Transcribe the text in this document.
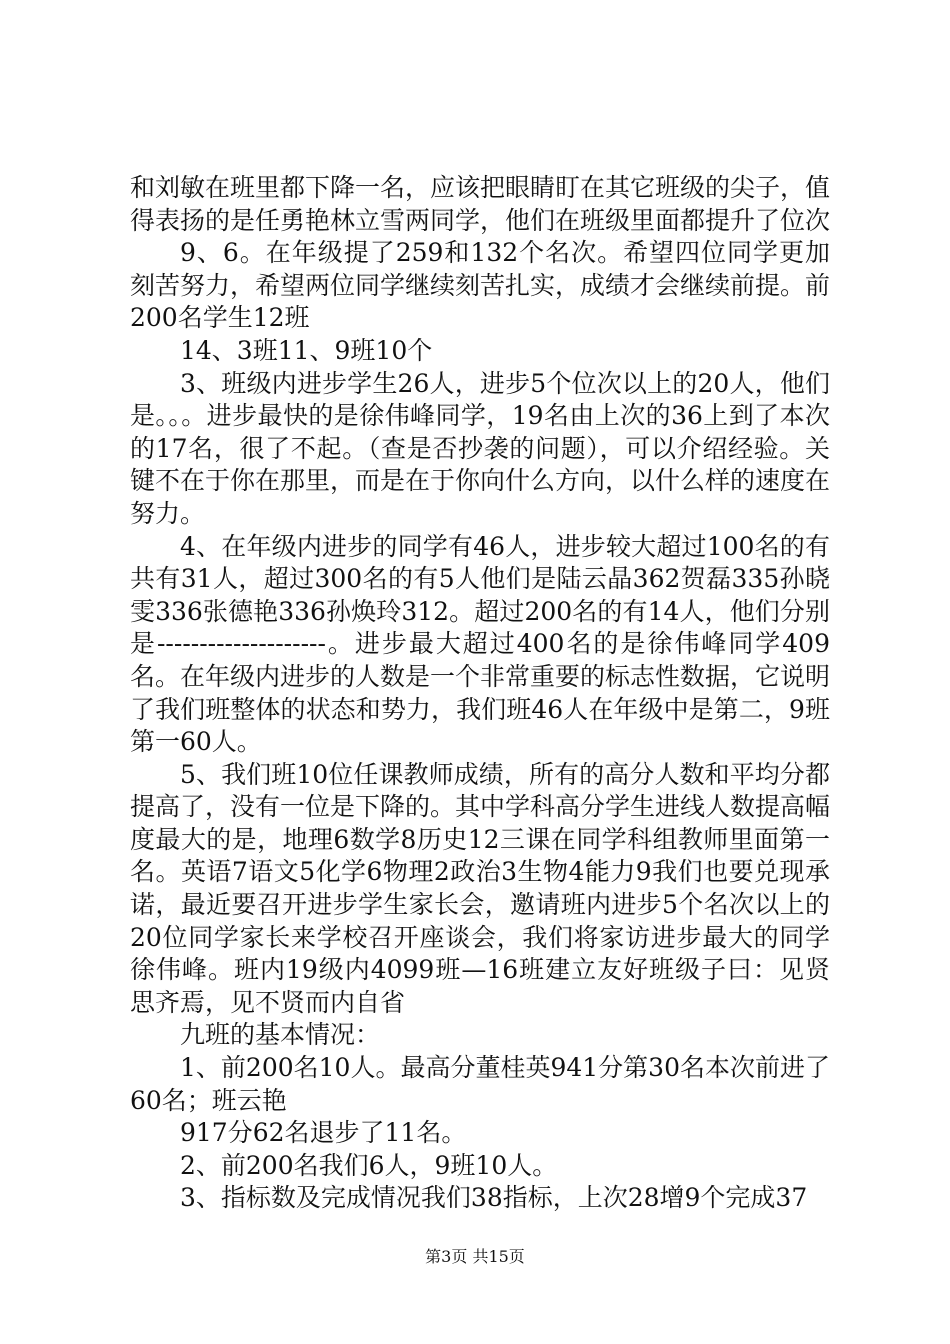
和刘敏在班里都下降一名，应该把眼睛盯在其它班级的尖子，值得表扬的是任勇艳林立雪两同学，他们在班级里面都提升了位次

9、6。在年级提了259和132个名次。希望四位同学更加刻苦努力，希望两位同学继续刻苦扎实，成绩才会继续前提。前200名学生12班

14、3班11、9班10个

3、班级内进步学生26人，进步5个位次以上的20人，他们是。。。进步最快的是徐伟峰同学，19名由上次的36上到了本次的17名，很了不起。（查是否抄袭的问题），可以介绍经验。关键不在于你在那里，而是在于你向什么方向，以什么样的速度在努力。

4、在年级内进步的同学有46人，进步较大超过100名的有共有31人，超过300名的有5人他们是陆云晶362贺磊335孙晓雯336张德艳336孙焕玲312。超过200名的有14人，他们分别是--------------------。进步最大超过400名的是徐伟峰同学409名。在年级内进步的人数是一个非常重要的标志性数据，它说明了我们班整体的状态和势力，我们班46人在年级中是第二，9班第一60人。

5、我们班10位任课教师成绩，所有的高分人数和平均分都提高了，没有一位是下降的。其中学科高分学生进线人数提高幅度最大的是，地理6数学8历史12三课在同学科组教师里面第一名。英语7语文5化学6物理2政治3生物4能力9我们也要兑现承诺，最近要召开进步学生家长会，邀请班内进步5个名次以上的20位同学家长来学校召开座谈会，我们将家访进步最大的同学徐伟峰。班内19级内4099班—16班建立友好班级子曰：见贤思齐焉，见不贤而内自省

九班的基本情况：

1、前200名10人。最高分董桂英941分第30名本次前进了60名；班云艳

917分62名退步了11名。

2、前200名我们6人，9班10人。

3、指标数及完成情况我们38指标，上次28增9个完成37

第3页 共15页
